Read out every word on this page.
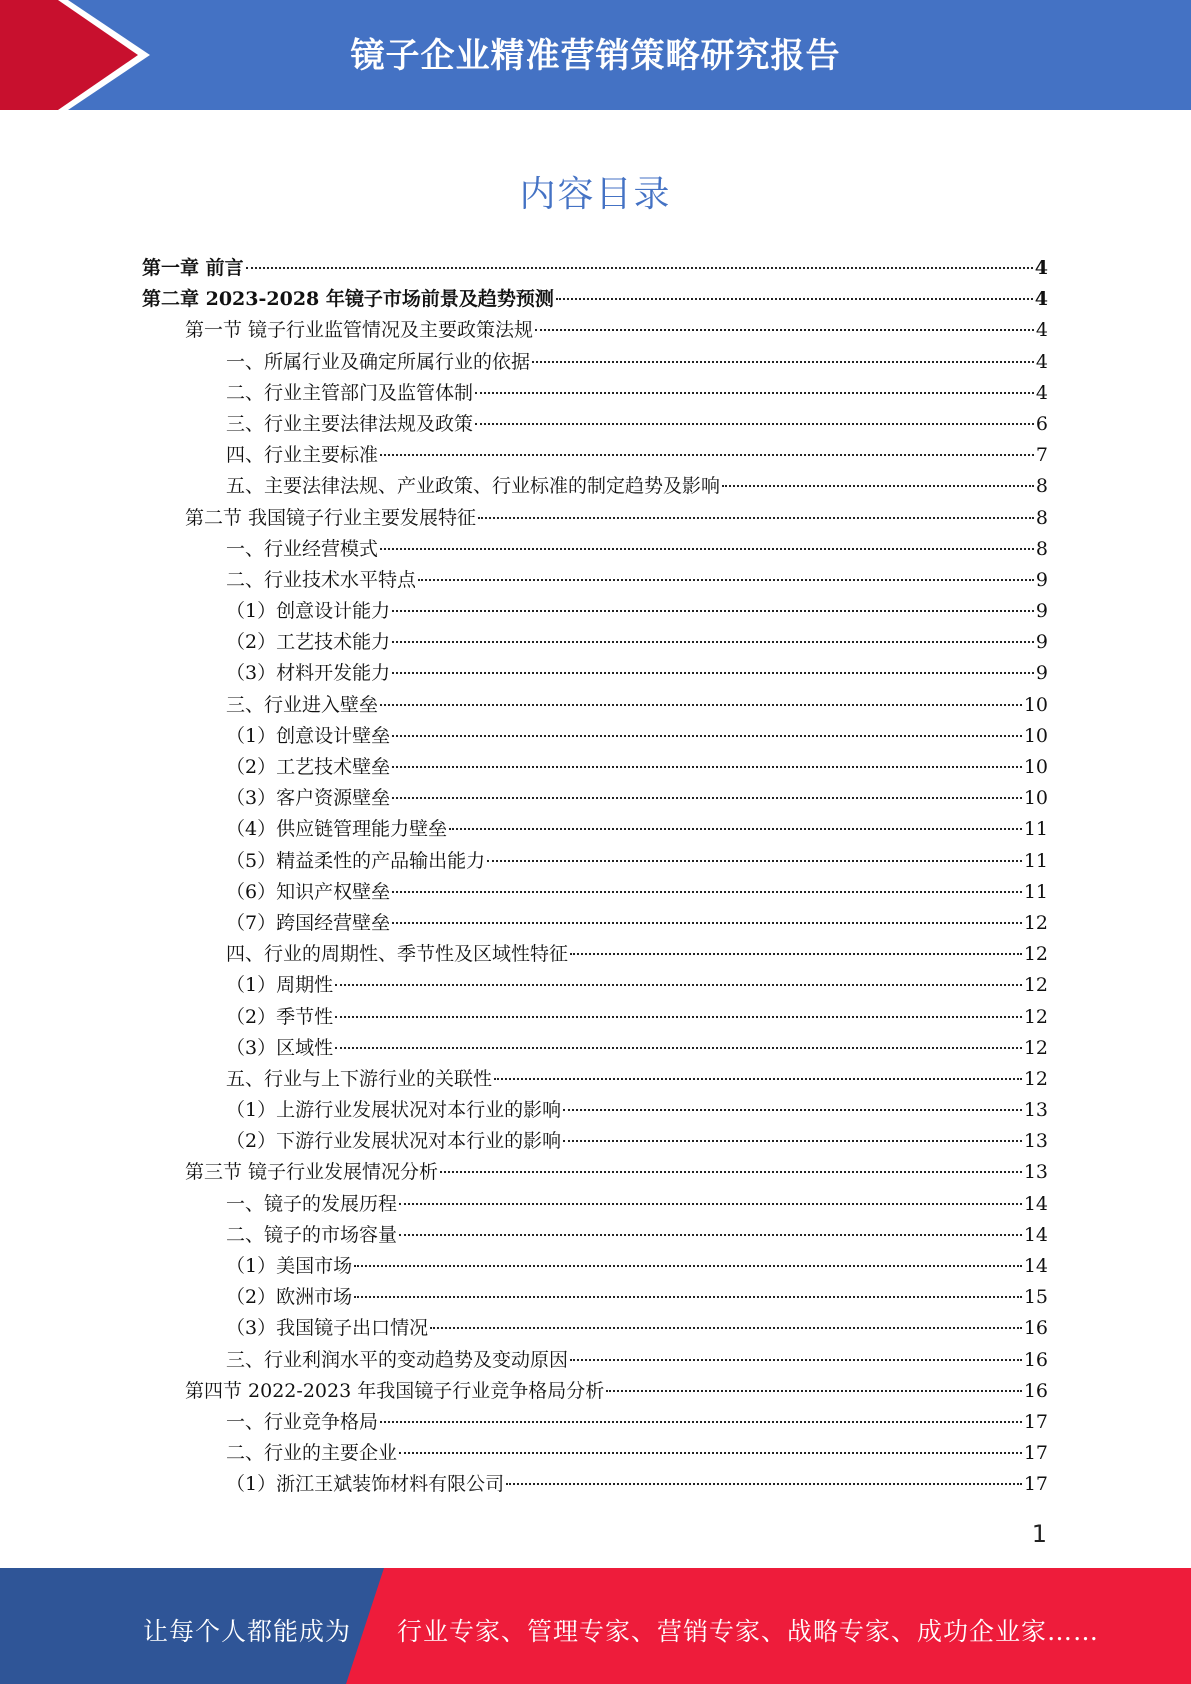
镜子企业精准营销策略研究报告
内容目录
第一章 前言	4
第二章 2023-2028 年镜子市场前景及趋势预测	4
第一节 镜子行业监管情况及主要政策法规	4
一、所属行业及确定所属行业的依据	4
二、行业主管部门及监管体制	4
三、行业主要法律法规及政策	6
四、行业主要标准	7
五、主要法律法规、产业政策、行业标准的制定趋势及影响	8
第二节 我国镜子行业主要发展特征	8
一、行业经营模式	8
二、行业技术水平特点	9
（1）创意设计能力	9
（2）工艺技术能力	9
（3）材料开发能力	9
三、行业进入壁垒	10
（1）创意设计壁垒	10
（2）工艺技术壁垒	10
（3）客户资源壁垒	10
（4）供应链管理能力壁垒	11
（5）精益柔性的产品输出能力	11
（6）知识产权壁垒	11
（7）跨国经营壁垒	12
四、行业的周期性、季节性及区域性特征	12
（1）周期性	12
（2）季节性	12
（3）区域性	12
五、行业与上下游行业的关联性	12
（1）上游行业发展状况对本行业的影响	13
（2）下游行业发展状况对本行业的影响	13
第三节 镜子行业发展情况分析	13
一、镜子的发展历程	14
二、镜子的市场容量	14
（1）美国市场	14
（2）欧洲市场	15
（3）我国镜子出口情况	16
三、行业利润水平的变动趋势及变动原因	16
第四节 2022-2023 年我国镜子行业竞争格局分析	16
一、行业竞争格局	17
二、行业的主要企业	17
（1）浙江王斌装饰材料有限公司	17
1
让每个人都能成为 行业专家、管理专家、营销专家、战略专家、成功企业家……
